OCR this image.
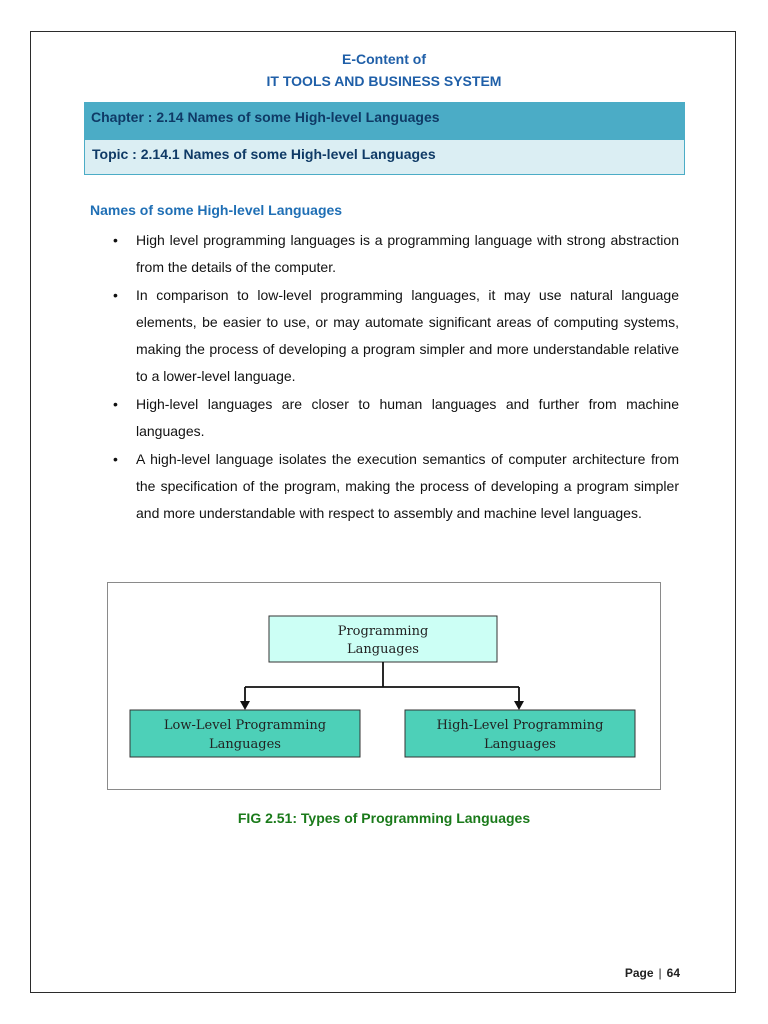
E-Content of
IT TOOLS AND BUSINESS SYSTEM
Chapter : 2.14 Names of some High-level Languages
Topic : 2.14.1 Names of some High-level Languages
Names of some High-level Languages
• High level programming languages is a programming language with strong abstraction from the details of the computer.
• In comparison to low-level programming languages, it may use natural language elements, be easier to use, or may automate significant areas of computing systems, making the process of developing a program simpler and more understandable relative to a lower-level language.
• High-level languages are closer to human languages and further from machine languages.
• A high-level language isolates the execution semantics of computer architecture from the specification of the program, making the process of developing a program simpler and more understandable with respect to assembly and machine level languages.
Programming
Languages
Low-Level Programming
Languages
High-Level Programming
Languages
FIG 2.51: Types of Programming Languages
Page | 64
